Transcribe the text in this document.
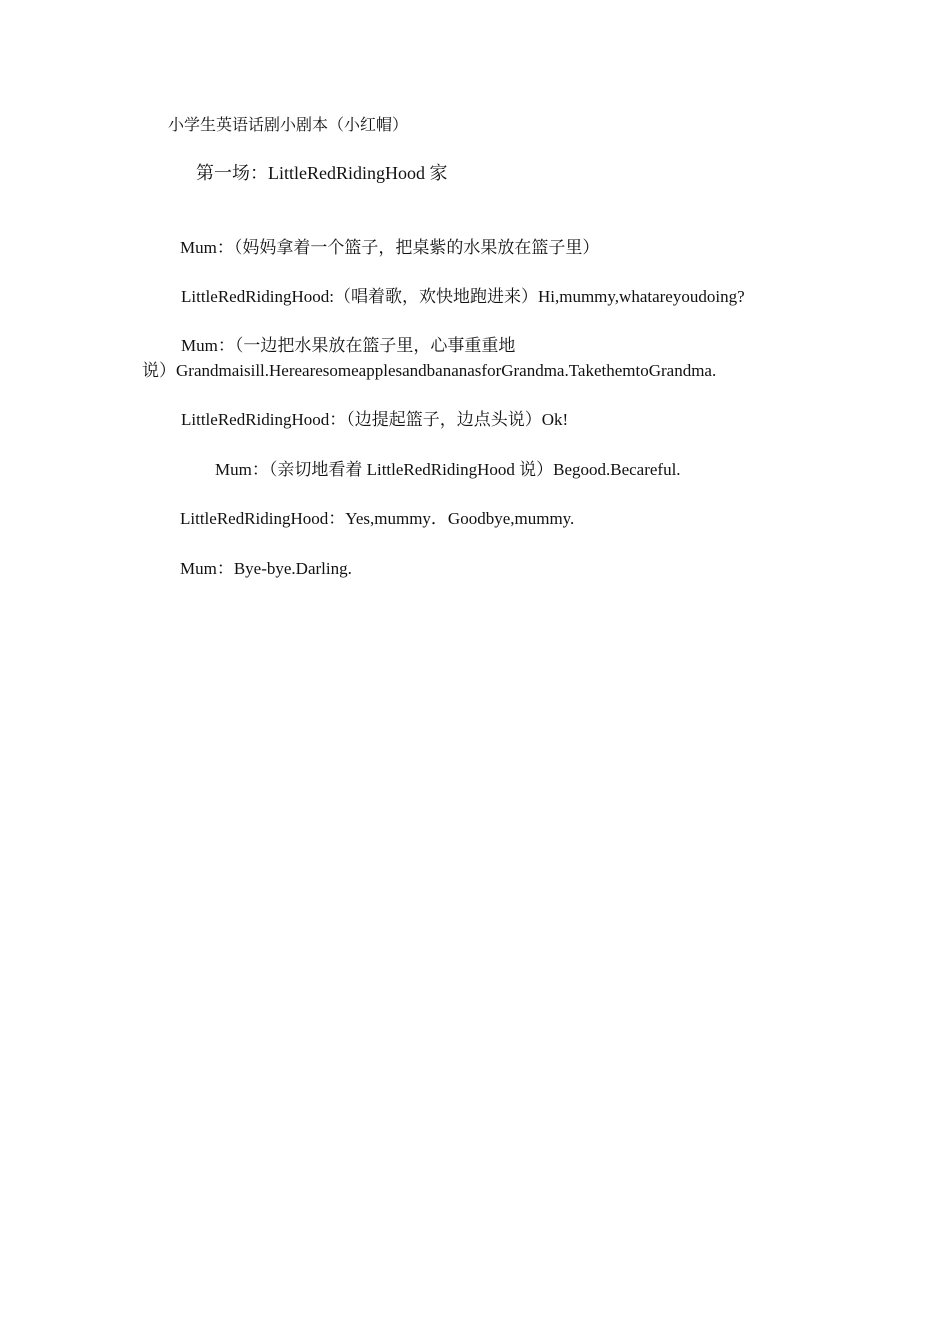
小学生英语话剧小剧本（小红帽）
第一场：LittleRedRidingHood 家
Mum：（妈妈拿着一个篮子，把桌紫的水果放在篮子里）
LittleRedRidingHood:（唱着歌，欢快地跑进来）Hi,mummy,whatareyoudoing?
Mum：（一边把水果放在篮子里，心事重重地
说）Grandmaisill.HerearesomeapplesandbananasforGrandma.TakethemtoGrandma.
LittleRedRidingHood：（边提起篮子，边点头说）Ok!
Mum：（亲切地看着 LittleRedRidingHood 说）Begood.Becareful.
LittleRedRidingHood：Yes,mummy．Goodbye,mummy.
Mum：Bye-bye.Darling.
